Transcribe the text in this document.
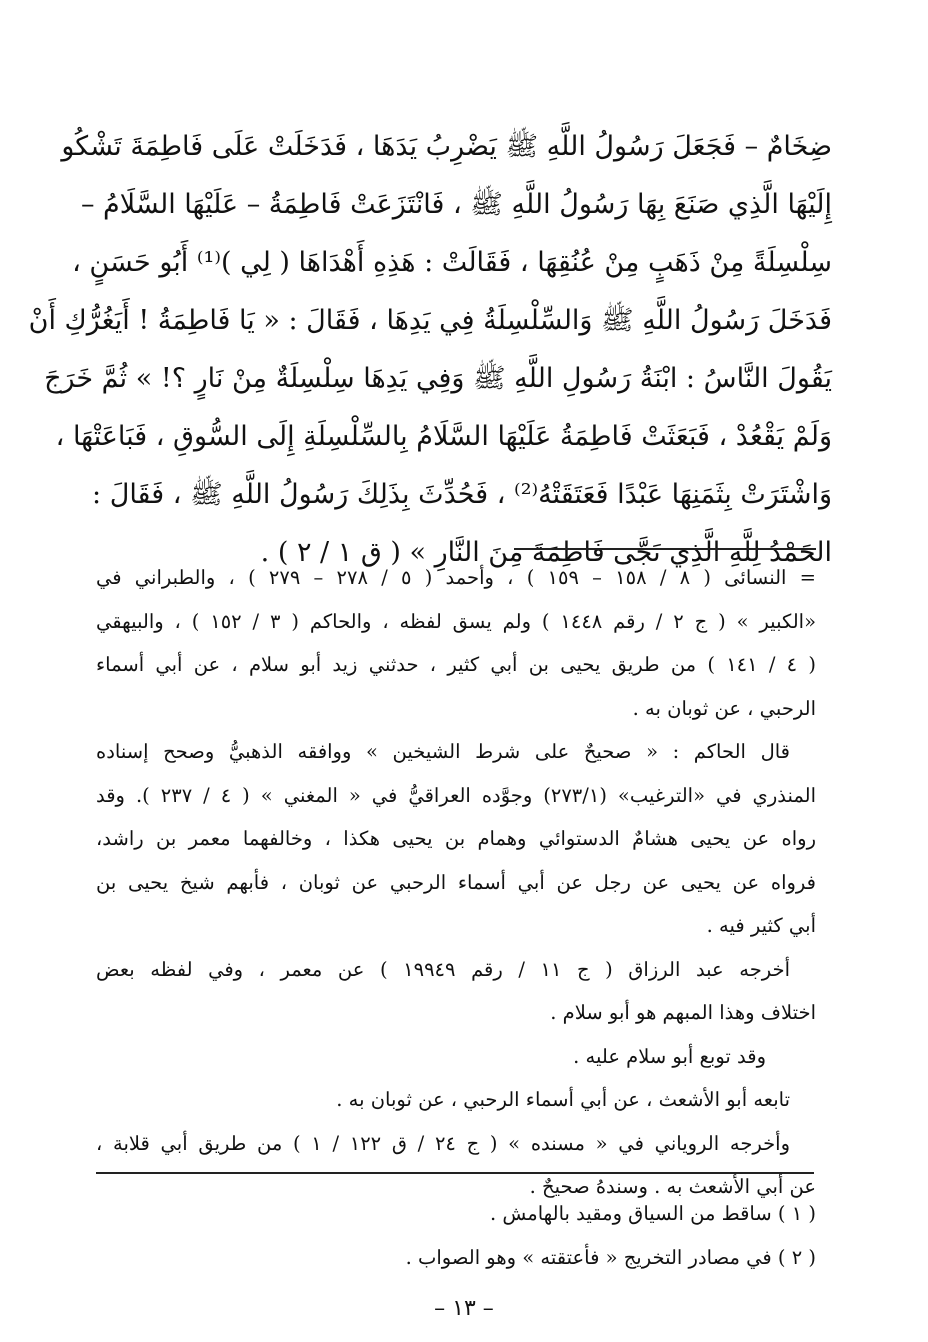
ضِخَامٌ – فَجَعَلَ رَسُولُ اللَّهِ ﷺ يَضْرِبُ يَدَهَا ، فَدَخَلَتْ عَلَى فَاطِمَةَ تَشْكُو
إِلَيْهَا الَّذِي صَنَعَ بِهَا رَسُولُ اللَّهِ ﷺ ، فَانْتَزَعَتْ فَاطِمَةُ – عَلَيْهَا السَّلَامُ –
سِلْسِلَةً مِنْ ذَهَبٍ مِنْ عُنُقِهَا ، فَقَالَتْ : هَذِهِ أَهْدَاهَا ( لِي )⁽¹⁾ أَبُو حَسَنٍ ،
فَدَخَلَ رَسُولُ اللَّهِ ﷺ وَالسِّلْسِلَةُ فِي يَدِهَا ، فَقَالَ : « يَا فَاطِمَةُ ! أَيَغُرُّكِ أَنْ
يَقُولَ النَّاسُ : ابْنَةُ رَسُولِ اللَّهِ ﷺ وَفِي يَدِهَا سِلْسِلَةٌ مِنْ نَارٍ ؟! » ثُمَّ خَرَجَ
وَلَمْ يَقْعُدْ ، فَبَعَثَتْ فَاطِمَةُ عَلَيْهَا السَّلَامُ بِالسِّلْسِلَةِ إِلَى السُّوقِ ، فَبَاعَتْهَا ،
وَاشْتَرَتْ بِثَمَنِهَا عَبْدًا فَعَتَقَتْهُ⁽²⁾ ، فَحُدِّثَ بِذَلِكَ رَسُولُ اللَّهِ ﷺ ، فَقَالَ :
الحَمْدُ لِلَّهِ الَّذِي نَجَّى فَاطِمَةَ مِنَ النَّارِ » ( ق ١ / ٢ ) .
= النسائى ( ٨ / ١٥٨ – ١٥٩ ) ، وأحمد ( ٥ / ٢٧٨ – ٢٧٩ ) ، والطبراني في
«الكبير » ( ج ٢ / رقم ١٤٤٨ ) ولم يسق لفظه ، والحاكم ( ٣ / ١٥٢ ) ، والبيهقي
( ٤ / ١٤١ ) من طريق يحيى بن أبي كثير ، حدثني زيد أبو سلام ، عن أبي أسماء
الرحبي ، عن ثوبان به .
قال الحاكم : « صحيحٌ على شرط الشيخين » ووافقه الذهبيُّ وصحح إسناده
المنذري في «الترغيب» (٢٧٣/١) وجوَّده العراقيُّ في « المغني » ( ٤ / ٢٣٧ ). وقد
رواه عن يحيى هشامٌ الدستوائي وهمام بن يحيى هكذا ، وخالفهما معمر بن راشد،
فرواه عن يحيى عن رجل عن أبي أسماء الرحبي عن ثوبان ، فأبهم شيخ يحيى بن
أبي كثير فيه .
أخرجه عبد الرزاق ( ج ١١ / رقم ١٩٩٤٩ ) عن معمر ، وفي لفظه بعض
اختلاف وهذا المبهم هو أبو سلام .
وقد توبع أبو سلام عليه .
تابعه أبو الأشعث ، عن أبي أسماء الرحبي ، عن ثوبان به .
وأخرجه الروياني في « مسنده » ( ج ٢٤ / ق ١٢٢ / ١ ) من طريق أبي قلابة ،
عن أبي الأشعث به . وسندهُ صحيحٌ .
( ١ ) ساقط من السياق ومقيد بالهامش .
( ٢ ) في مصادر التخريج « فأعتقته » وهو الصواب .
– ١٣ –
